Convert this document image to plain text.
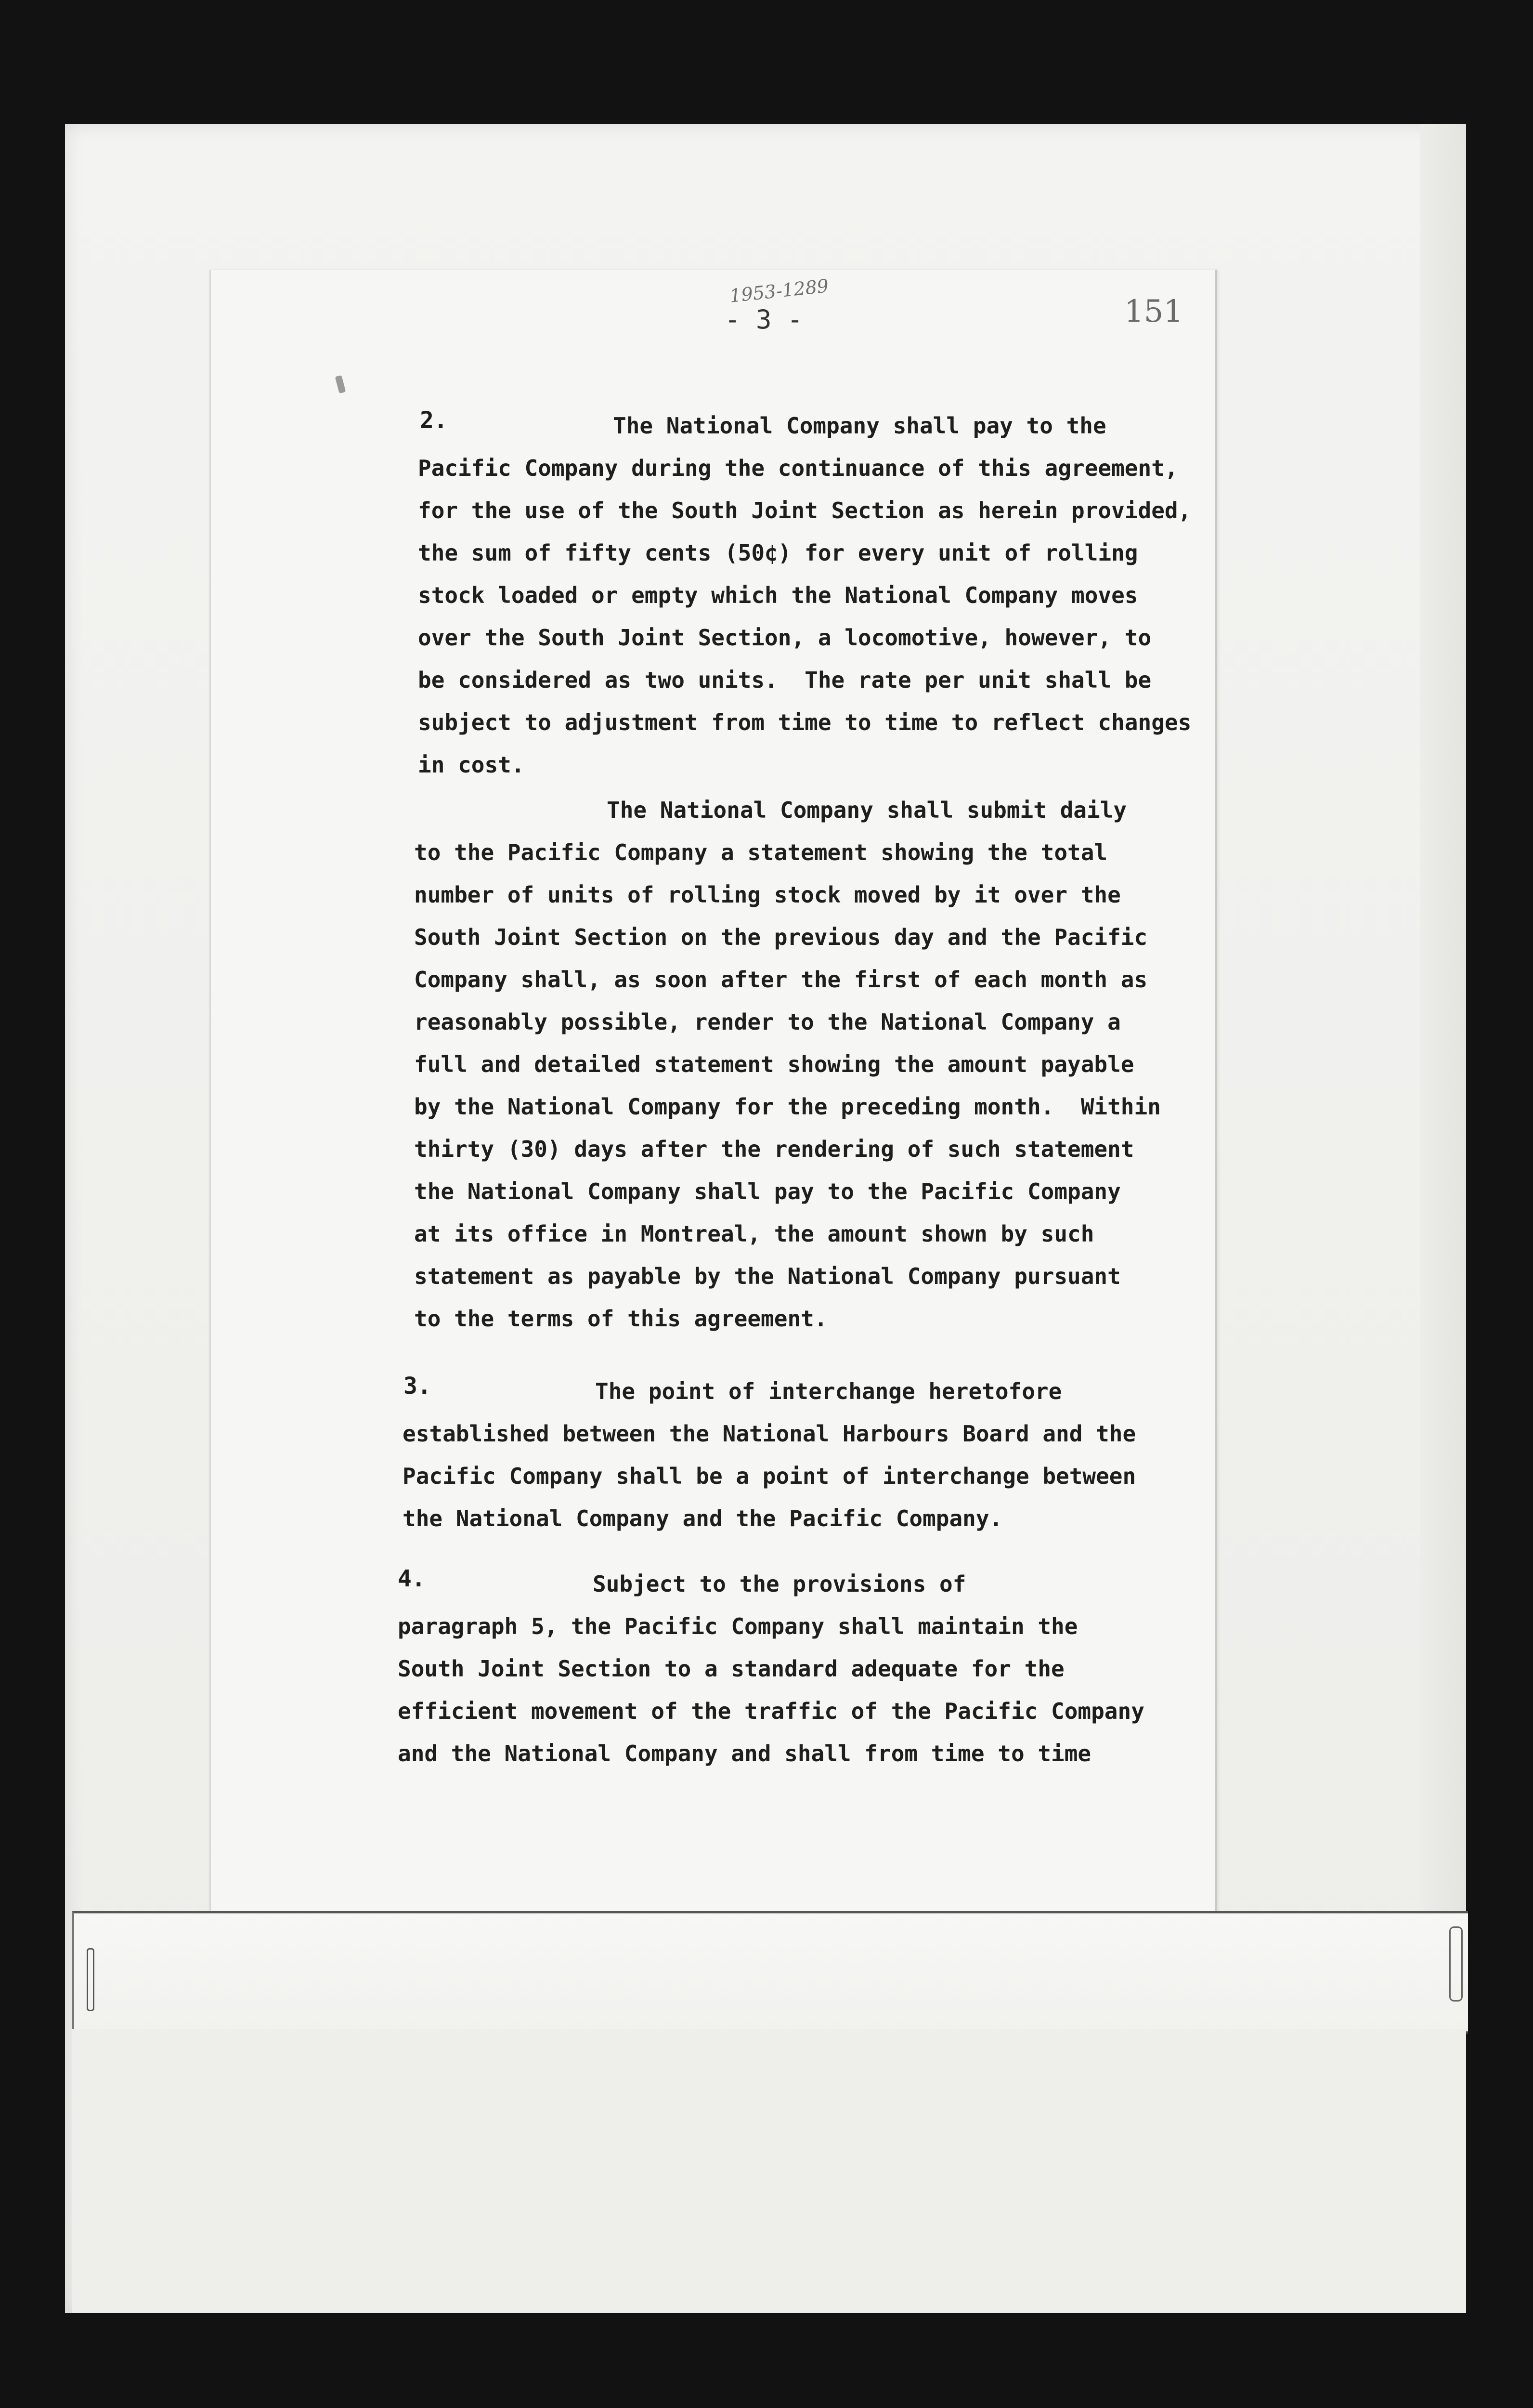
1953-1289
- 3 -	151
2.	The National Company shall pay to the
Pacific Company during the continuance of this agreement,
for the use of the South Joint Section as herein provided,
the sum of fifty cents (50¢) for every unit of rolling
stock loaded or empty which the National Company moves
over the South Joint Section, a locomotive, however, to
be considered as two units.  The rate per unit shall be
subject to adjustment from time to time to reflect changes
in cost.
The National Company shall submit daily
to the Pacific Company a statement showing the total
number of units of rolling stock moved by it over the
South Joint Section on the previous day and the Pacific
Company shall, as soon after the first of each month as
reasonably possible, render to the National Company a
full and detailed statement showing the amount payable
by the National Company for the preceding month.  Within
thirty (30) days after the rendering of such statement
the National Company shall pay to the Pacific Company
at its office in Montreal, the amount shown by such
statement as payable by the National Company pursuant
to the terms of this agreement.
3.	The point of interchange heretofore
established between the National Harbours Board and the
Pacific Company shall be a point of interchange between
the National Company and the Pacific Company.
4.	Subject to the provisions of
paragraph 5, the Pacific Company shall maintain the
South Joint Section to a standard adequate for the
efficient movement of the traffic of the Pacific Company
and the National Company and shall from time to time
